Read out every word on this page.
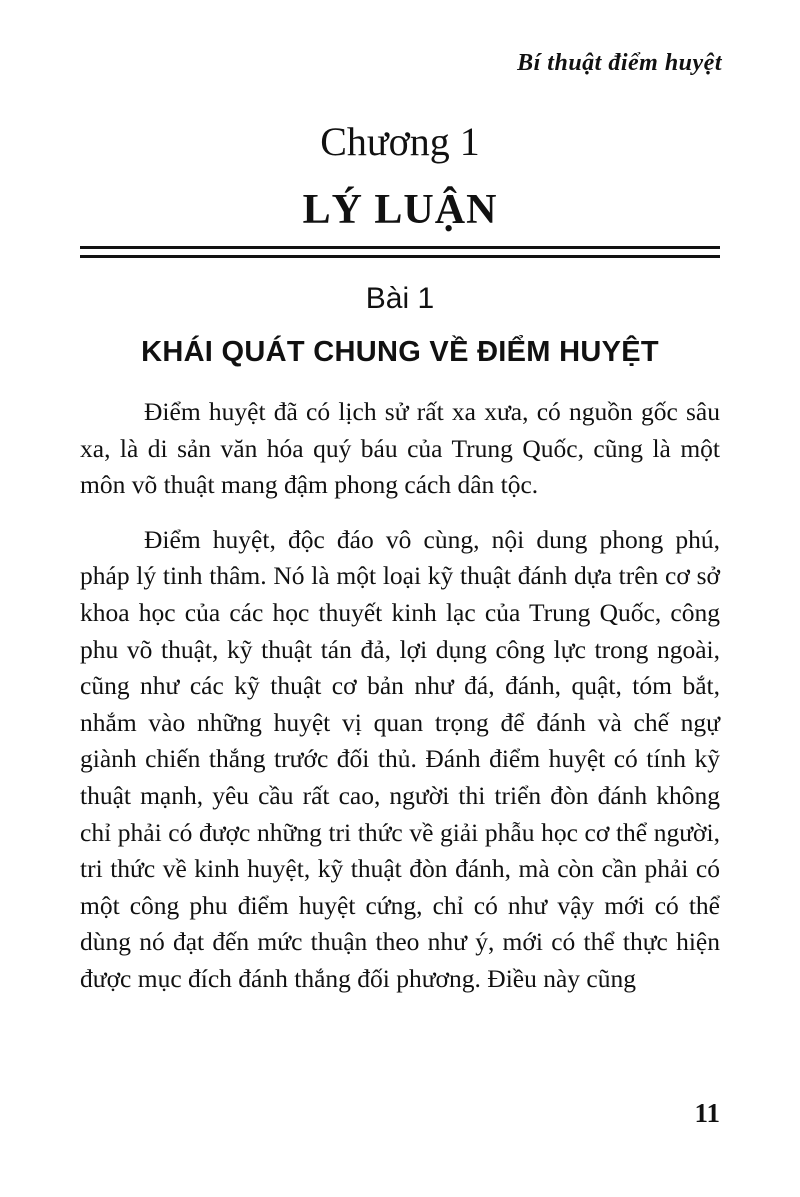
Bí thuật điểm huyệt
Chương 1
LÝ LUẬN
Bài 1
KHÁI QUÁT CHUNG VỀ ĐIỂM HUYỆT

Điểm huyệt đã có lịch sử rất xa xưa, có nguồn gốc sâu xa, là di sản văn hóa quý báu của Trung Quốc, cũng là một môn võ thuật mang đậm phong cách dân tộc.

Điểm huyệt, độc đáo vô cùng, nội dung phong phú, pháp lý tinh thâm. Nó là một loại kỹ thuật đánh dựa trên cơ sở khoa học của các học thuyết kinh lạc của Trung Quốc, công phu võ thuật, kỹ thuật tán đả, lợi dụng công lực trong ngoài, cũng như các kỹ thuật cơ bản như đá, đánh, quật, tóm bắt, nhắm vào những huyệt vị quan trọng để đánh và chế ngự giành chiến thắng trước đối thủ. Đánh điểm huyệt có tính kỹ thuật mạnh, yêu cầu rất cao, người thi triển đòn đánh không chỉ phải có được những tri thức về giải phẫu học cơ thể người, tri thức về kinh huyệt, kỹ thuật đòn đánh, mà còn cần phải có một công phu điểm huyệt cứng, chỉ có như vậy mới có thể dùng nó đạt đến mức thuận theo như ý, mới có thể thực hiện được mục đích đánh thắng đối phương. Điều này cũng

11
